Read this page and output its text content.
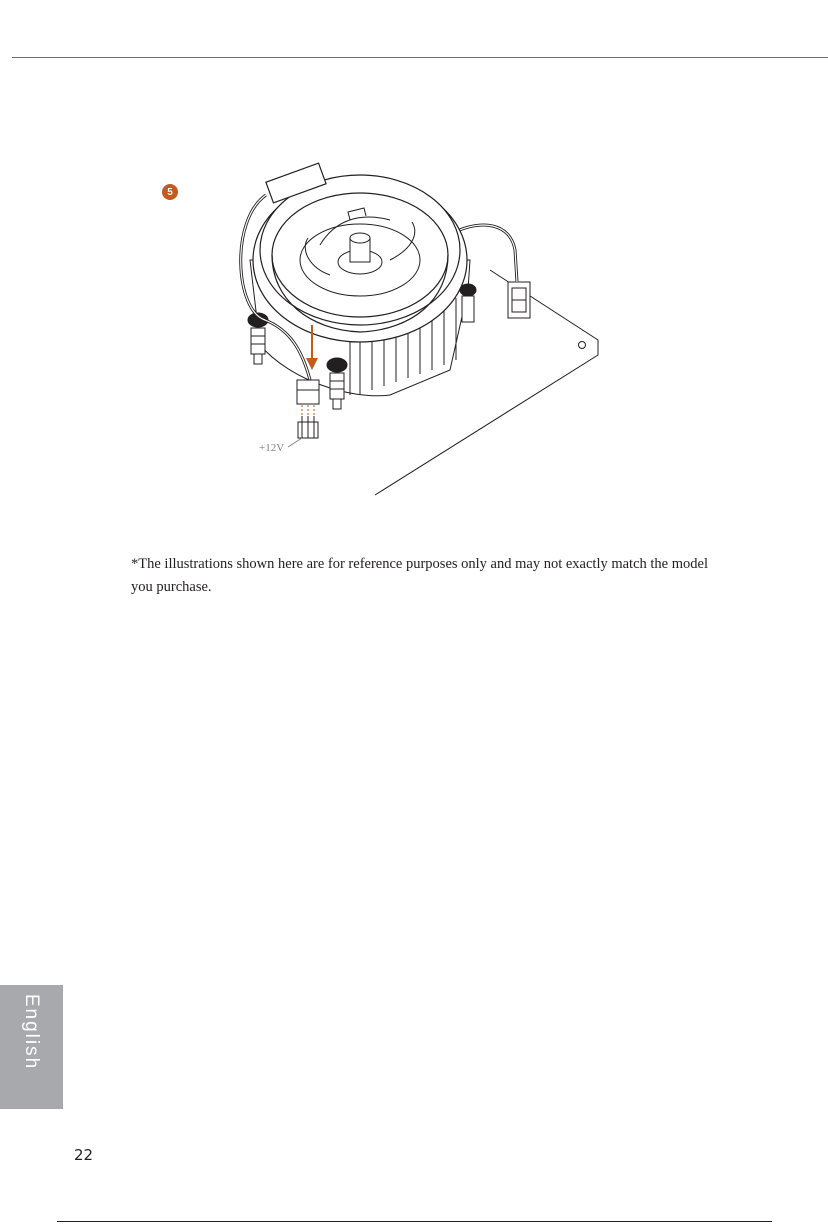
5
+12V
*The illustrations shown here are for reference purposes only and may not exactly match the model you purchase.
English
22
